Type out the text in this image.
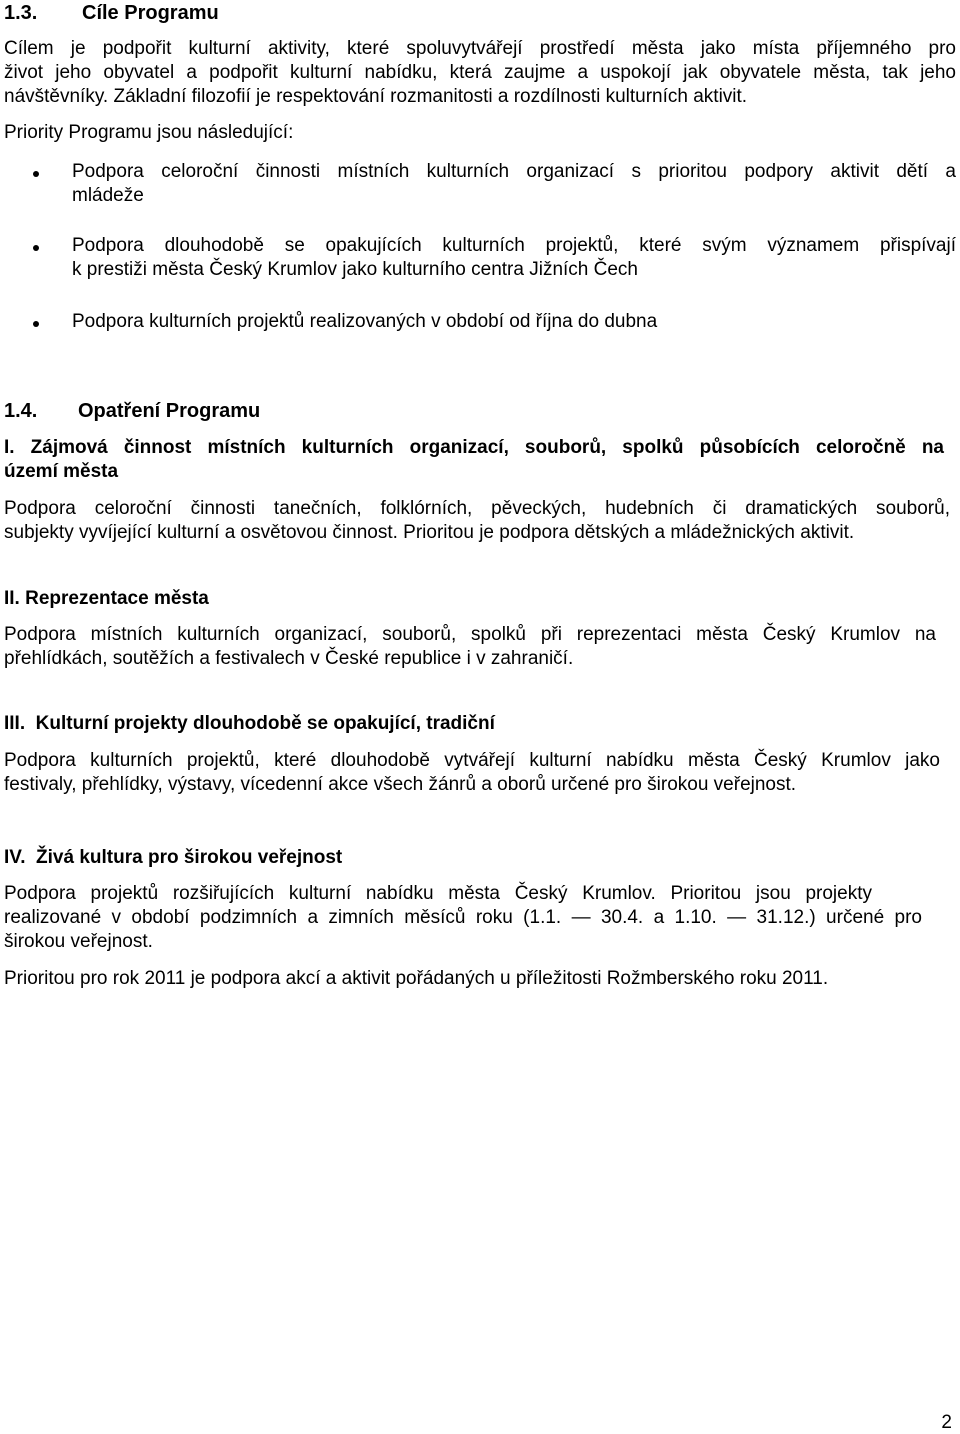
1.3. Cíle Programu
Cílem je podpořit kulturní aktivity, které spoluvytvářejí prostředí města jako místa příjemného pro
život jeho obyvatel a podpořit kulturní nabídku, která zaujme a uspokojí jak obyvatele města, tak jeho
návštěvníky. Základní filozofií je respektování rozmanitosti a rozdílnosti kulturních aktivit.
Priority Programu jsou následující:
Podpora celoroční činnosti místních kulturních organizací s prioritou podpory aktivit dětí a
mládeže
Podpora dlouhodobě se opakujících kulturních projektů, které svým významem přispívají
k prestiži města Český Krumlov jako kulturního centra Jižních Čech
Podpora kulturních projektů realizovaných v období od října do dubna
1.4. Opatření Programu
I. Zájmová činnost místních kulturních organizací, souborů, spolků působících celoročně na
území města
Podpora celoroční činnosti tanečních, folklórních, pěveckých, hudebních či dramatických souborů,
subjekty vyvíjející kulturní a osvětovou činnost. Prioritou je podpora dětských a mládežnických aktivit.
II. Reprezentace města
Podpora místních kulturních organizací, souborů, spolků při reprezentaci města Český Krumlov na
přehlídkách, soutěžích a festivalech v České republice i v zahraničí.
III.  Kulturní projekty dlouhodobě se opakující, tradiční
Podpora kulturních projektů, které dlouhodobě vytvářejí kulturní nabídku města Český Krumlov jako
festivaly, přehlídky, výstavy, vícedenní akce všech žánrů a oborů určené pro širokou veřejnost.
IV.  Živá kultura pro širokou veřejnost
Podpora projektů rozšiřujících kulturní nabídku města Český Krumlov. Prioritou jsou projekty
realizované v období podzimních a zimních měsíců roku (1.1. — 30.4. a 1.10. — 31.12.) určené pro
širokou veřejnost.
Prioritou pro rok 2011 je podpora akcí a aktivit pořádaných u příležitosti Rožmberského roku 2011.
2
